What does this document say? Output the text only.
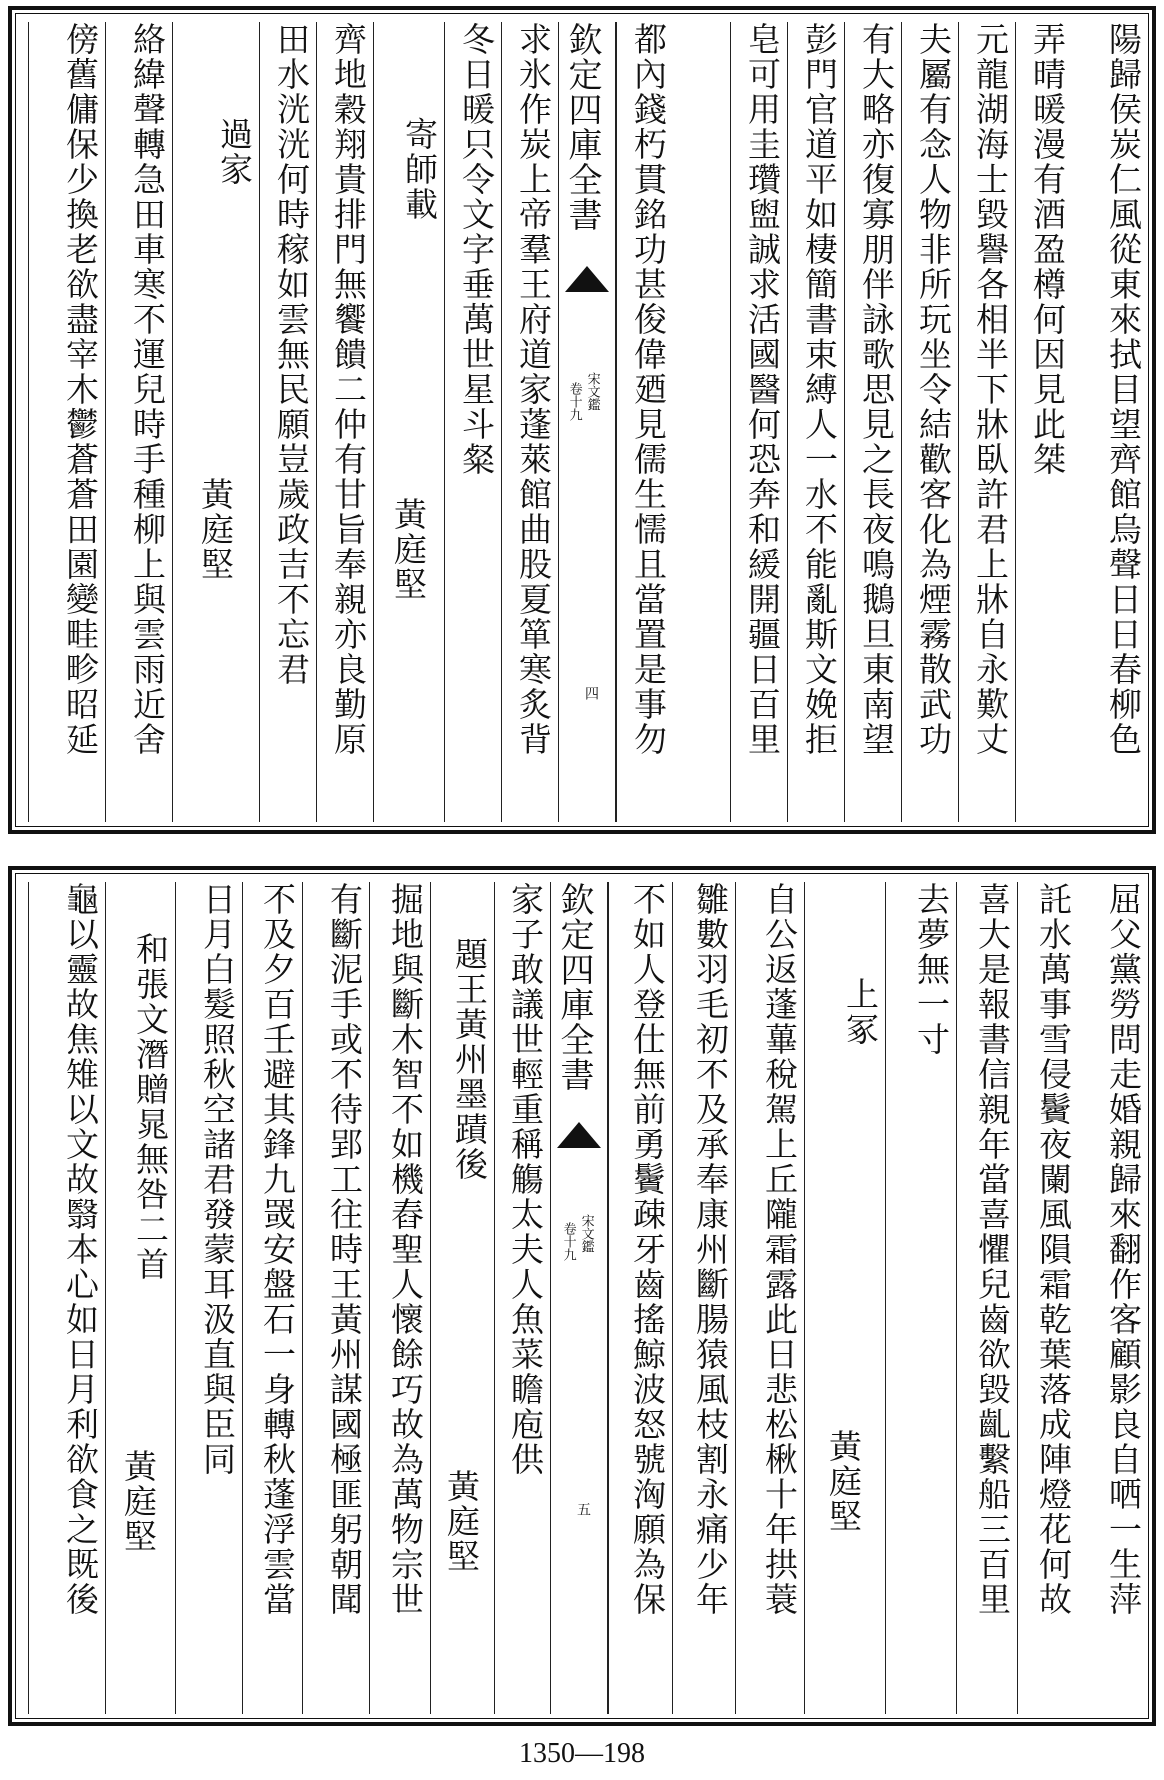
陽歸侯炭仁風從東來拭目望齊館烏聲日日春柳色
弄晴暖漫有酒盈樽何因見此桀
元龍湖海士毀譽各相半下牀臥許君上牀自永歎丈
夫屬有念人物非所玩坐令結歡客化為煙霧散武功
有大略亦復寡朋伴詠歌思見之長夜鳴鵝旦東南望
彭門官道平如棲簡書束縛人一水不能亂斯文娩拒
皂可用圭瓚盥誠求活國醫何恐奔和緩開疆日百里
都內錢朽貫銘功甚俊偉廼見儒生懦且當置是事勿
欽定四庫全書
宋文鑑
卷十九
四
求氷作炭上帝羣王府道家蓬萊館曲股夏箪寒炙背
冬日暖只令文字垂萬世星斗粲
寄師載
黃庭堅
齊地穀翔貴排門無饗饋二仲有甘旨奉親亦良勤原
田水洸洸何時稼如雲無民願豈歲政吉不忘君
過家
黃庭堅
絡緯聲轉急田車寒不運兒時手種柳上與雲雨近舍
傍舊傭保少換老欲盡宰木鬱蒼蒼田園變畦畛昭延
屈父黨勞問走婚親歸來翻作客顧影良自哂一生萍
託水萬事雪侵鬢夜闌風隕霜乾葉落成陣燈花何故
喜大是報書信親年當喜懼兒齒欲毀齓繫船三百里
去夢無一寸
上冢
黃庭堅
自公返蓬蓽稅駕上丘隴霜露此日悲松楸十年拱蓑
雛數羽毛初不及承奉康州斷腸猿風枝割永痛少年
不如人登仕無前勇鬢疎牙齒搖鯨波怒號洶願為保
欽定四庫全書
宋文鑑
卷十九
五
家子敢議世輕重稱觴太夫人魚菜瞻庖供
題王黃州墨蹟後
黃庭堅
掘地與斷木智不如機舂聖人懷餘巧故為萬物宗世
有斷泥手或不待郢工往時王黃州謀國極匪躬朝聞
不及夕百壬避其鋒九罭安盤石一身轉秋蓬浮雲當
日月白髮照秋空諸君發蒙耳汲直與臣同
和張文潛贈晁無咎二首
黃庭堅
龜以靈故焦雉以文故翳本心如日月利欲食之既後
1350—198
